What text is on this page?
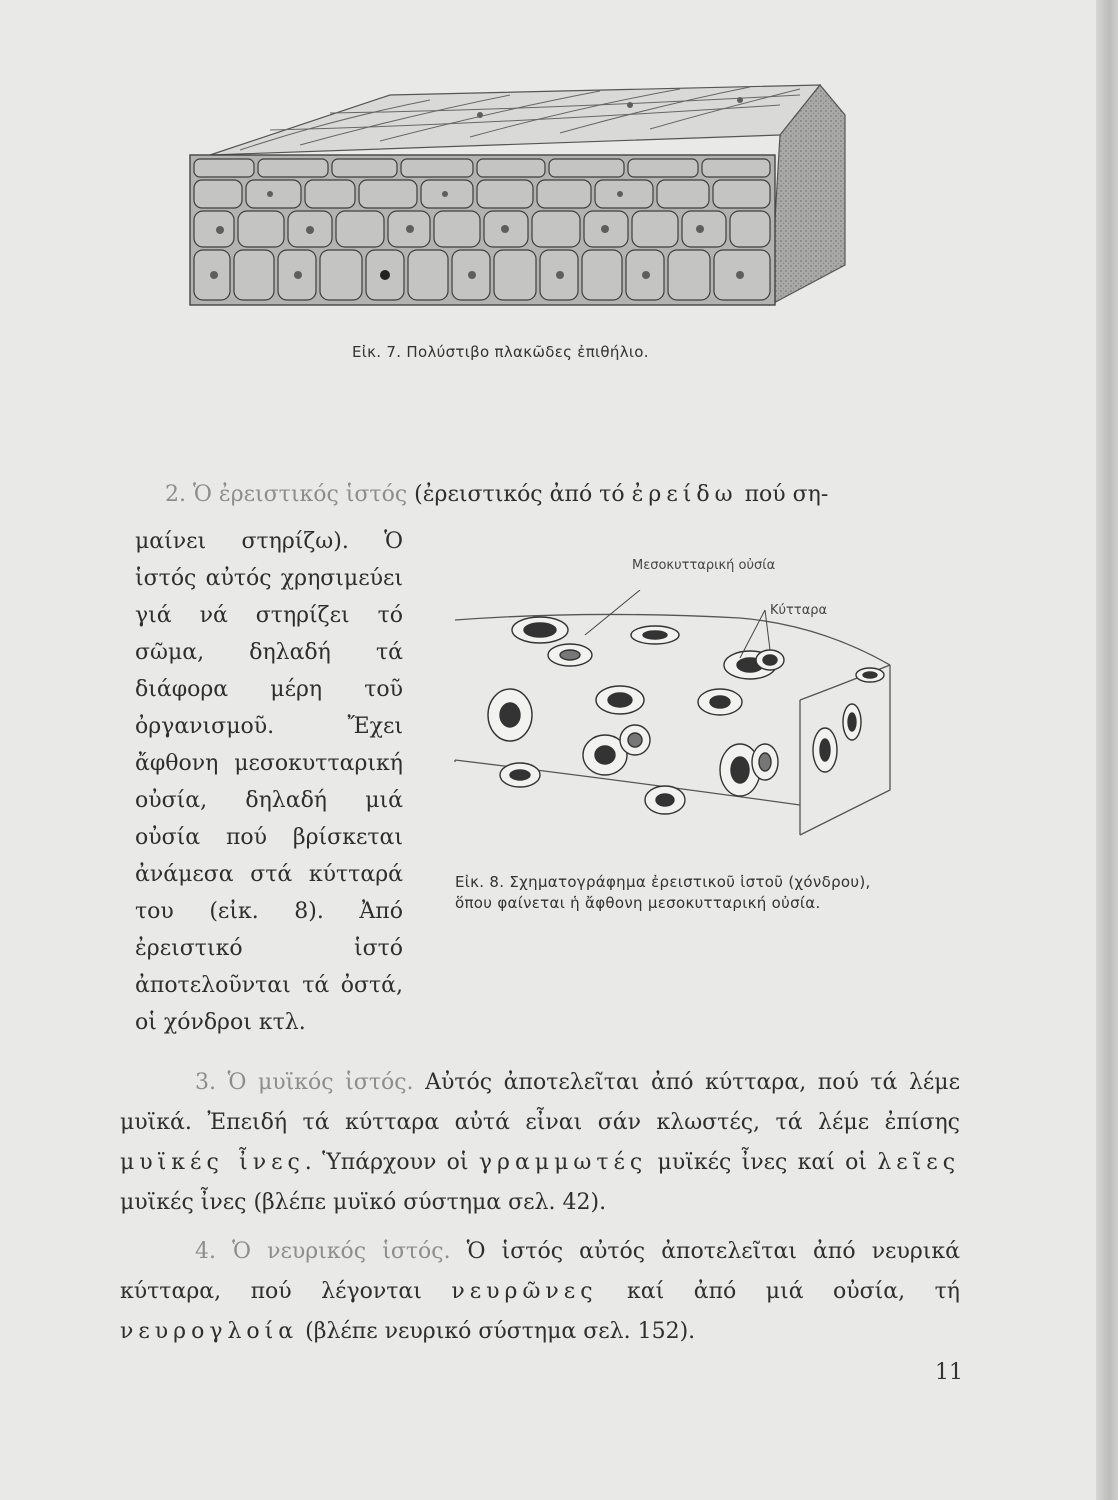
Εἰκ. 7. Πολύστιβο πλακῶδες ἐπιθήλιο.
2. Ὁ ἐρειστικός ἱστός (ἐρειστικός ἀπό τό ἐρείδω πού ση-
μαίνει στηρίζω). Ὁ ἱστός αὐτός χρησιμεύει γιά νά στηρίζει τό σῶμα, δηλαδή τά διάφορα μέρη τοῦ ὀργανισμοῦ. Ἔχει ἄφθονη μεσοκυτταρική οὐσία, δηλαδή μιά οὐσία πού βρίσκεται ἀνάμεσα στά κύτταρά του (εἰκ. 8). Ἀπό ἐρειστικό ἱστό ἀποτελοῦνται τά ὀστά, οἱ χόνδροι κτλ.
Μεσοκυτταρική οὐσία
Κύτταρα
Εἰκ. 8. Σχηματογράφημα ἐρειστικοῦ ἱστοῦ (χόνδρου), ὅπου φαίνεται ἡ ἄφθονη μεσοκυτταρική οὐσία.
3. Ὁ μυϊκός ἱστός. Αὐτός ἀποτελεῖται ἀπό κύτταρα, πού τά λέμε μυϊκά. Ἐπειδή τά κύτταρα αὐτά εἶναι σάν κλωστές, τά λέμε ἐπίσης μυϊκές ἶνες. Ὑπάρχουν οἱ γραμμωτές μυϊκές ἶνες καί οἱ λεῖες μυϊκές ἶνες (βλέπε μυϊκό σύστημα σελ. 42).
4. Ὁ νευρικός ἱστός. Ὁ ἱστός αὐτός ἀποτελεῖται ἀπό νευρικά κύτταρα, πού λέγονται νευρῶνες καί ἀπό μιά οὐσία, τή νευρογλοία (βλέπε νευρικό σύστημα σελ. 152).
11
